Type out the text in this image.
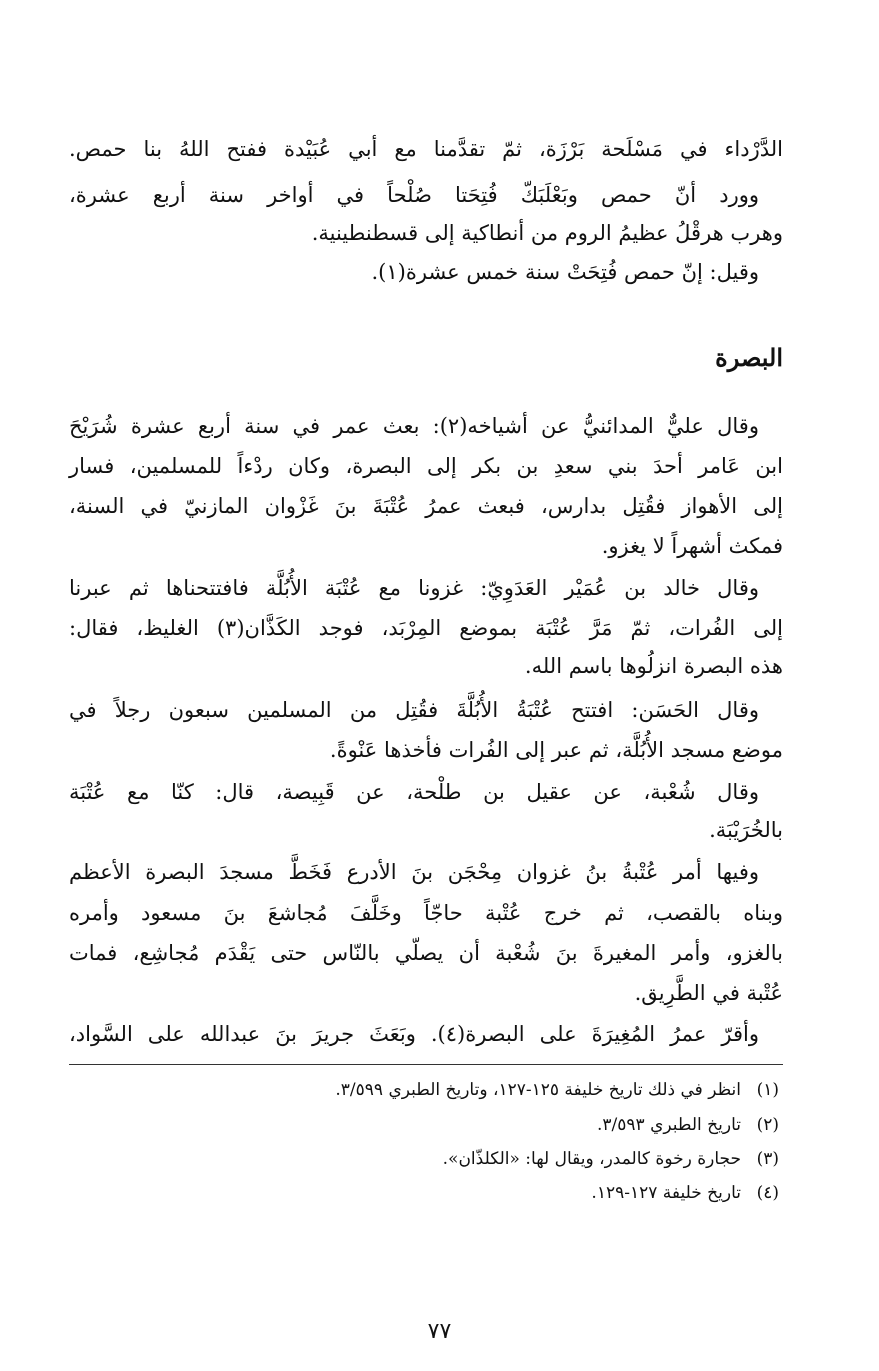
الدَّرْداء في مَسْلَحة بَرْزَة، ثمّ تقدَّمنا مع أبي عُبَيْدة ففتح اللهُ بنا حمص.
وورد أنّ حمص وبَعْلَبَكّ فُتِحَتا صُلْحاً في أواخر سنة أربع عشرة،
وهرب هرقْلُ عظيمُ الروم من أنطاكية إلى قسطنطينية.
وقيل: إنّ حمص فُتِحَتْ سنة خمس عشرة(١).
البصرة
وقال عليٌّ المدائنيُّ عن أشياخه(٢): بعث عمر في سنة أربع عشرة شُرَيْحَ
ابن عَامر أحدَ بني سعدِ بن بكر إلى البصرة، وكان ردْءاً للمسلمين، فسار
إلى الأهواز فقُتِل بدارس، فبعث عمرُ عُتْبَةَ بنَ غَزْوان المازنيّ في السنة،
فمكث أشهراً لا يغزو.
وقال خالد بن عُمَيْر العَدَوِيّ: غزونا مع عُتْبَة الأُبُلَّة فافتتحناها ثم عبرنا
إلى الفُرات، ثمّ مَرَّ عُتْبَة بموضع المِرْبَد، فوجد الكَذَّان(٣) الغليظ، فقال:
هذه البصرة انزلُوها باسم الله.
وقال الحَسَن: افتتح عُتْبَةُ الأُبُلَّةَ فقُتِل من المسلمين سبعون رجلاً في
موضع مسجد الأُبُلَّة، ثم عبر إلى الفُرات فأخذها عَنْوةً.
وقال شُعْبة، عن عقيل بن طلْحة، عن قَبِيصة، قال: كنّا مع عُتْبَة
بالخُرَيْبَة.
وفيها أمر عُتْبةُ بنُ غزوان مِحْجَن بنَ الأدرع فَخَطَّ مسجدَ البصرة الأعظم
وبناه بالقصب، ثم خرج عُتْبة حاجّاً وخَلَّفَ مُجاشعَ بنَ مسعود وأمره
بالغزو، وأمر المغيرةَ بنَ شُعْبة أن يصلّي بالنّاس حتى يَقْدَم مُجاشِع، فمات
عُتْبة في الطَّرِيق.
وأقرّ عمرُ المُغِيرَةَ على البصرة(٤). وبَعَثَ جريرَ بنَ عبدالله على السَّواد،
(١)انظر في ذلك تاريخ خليفة ١٢٥-١٢٧، وتاريخ الطبري ٣/٥٩٩.
(٢)تاريخ الطبري ٣/٥٩٣.
(٣)حجارة رخوة كالمدر، ويقال لها: «الكلذّان».
(٤)تاريخ خليفة ١٢٧-١٢٩.
٧٧
